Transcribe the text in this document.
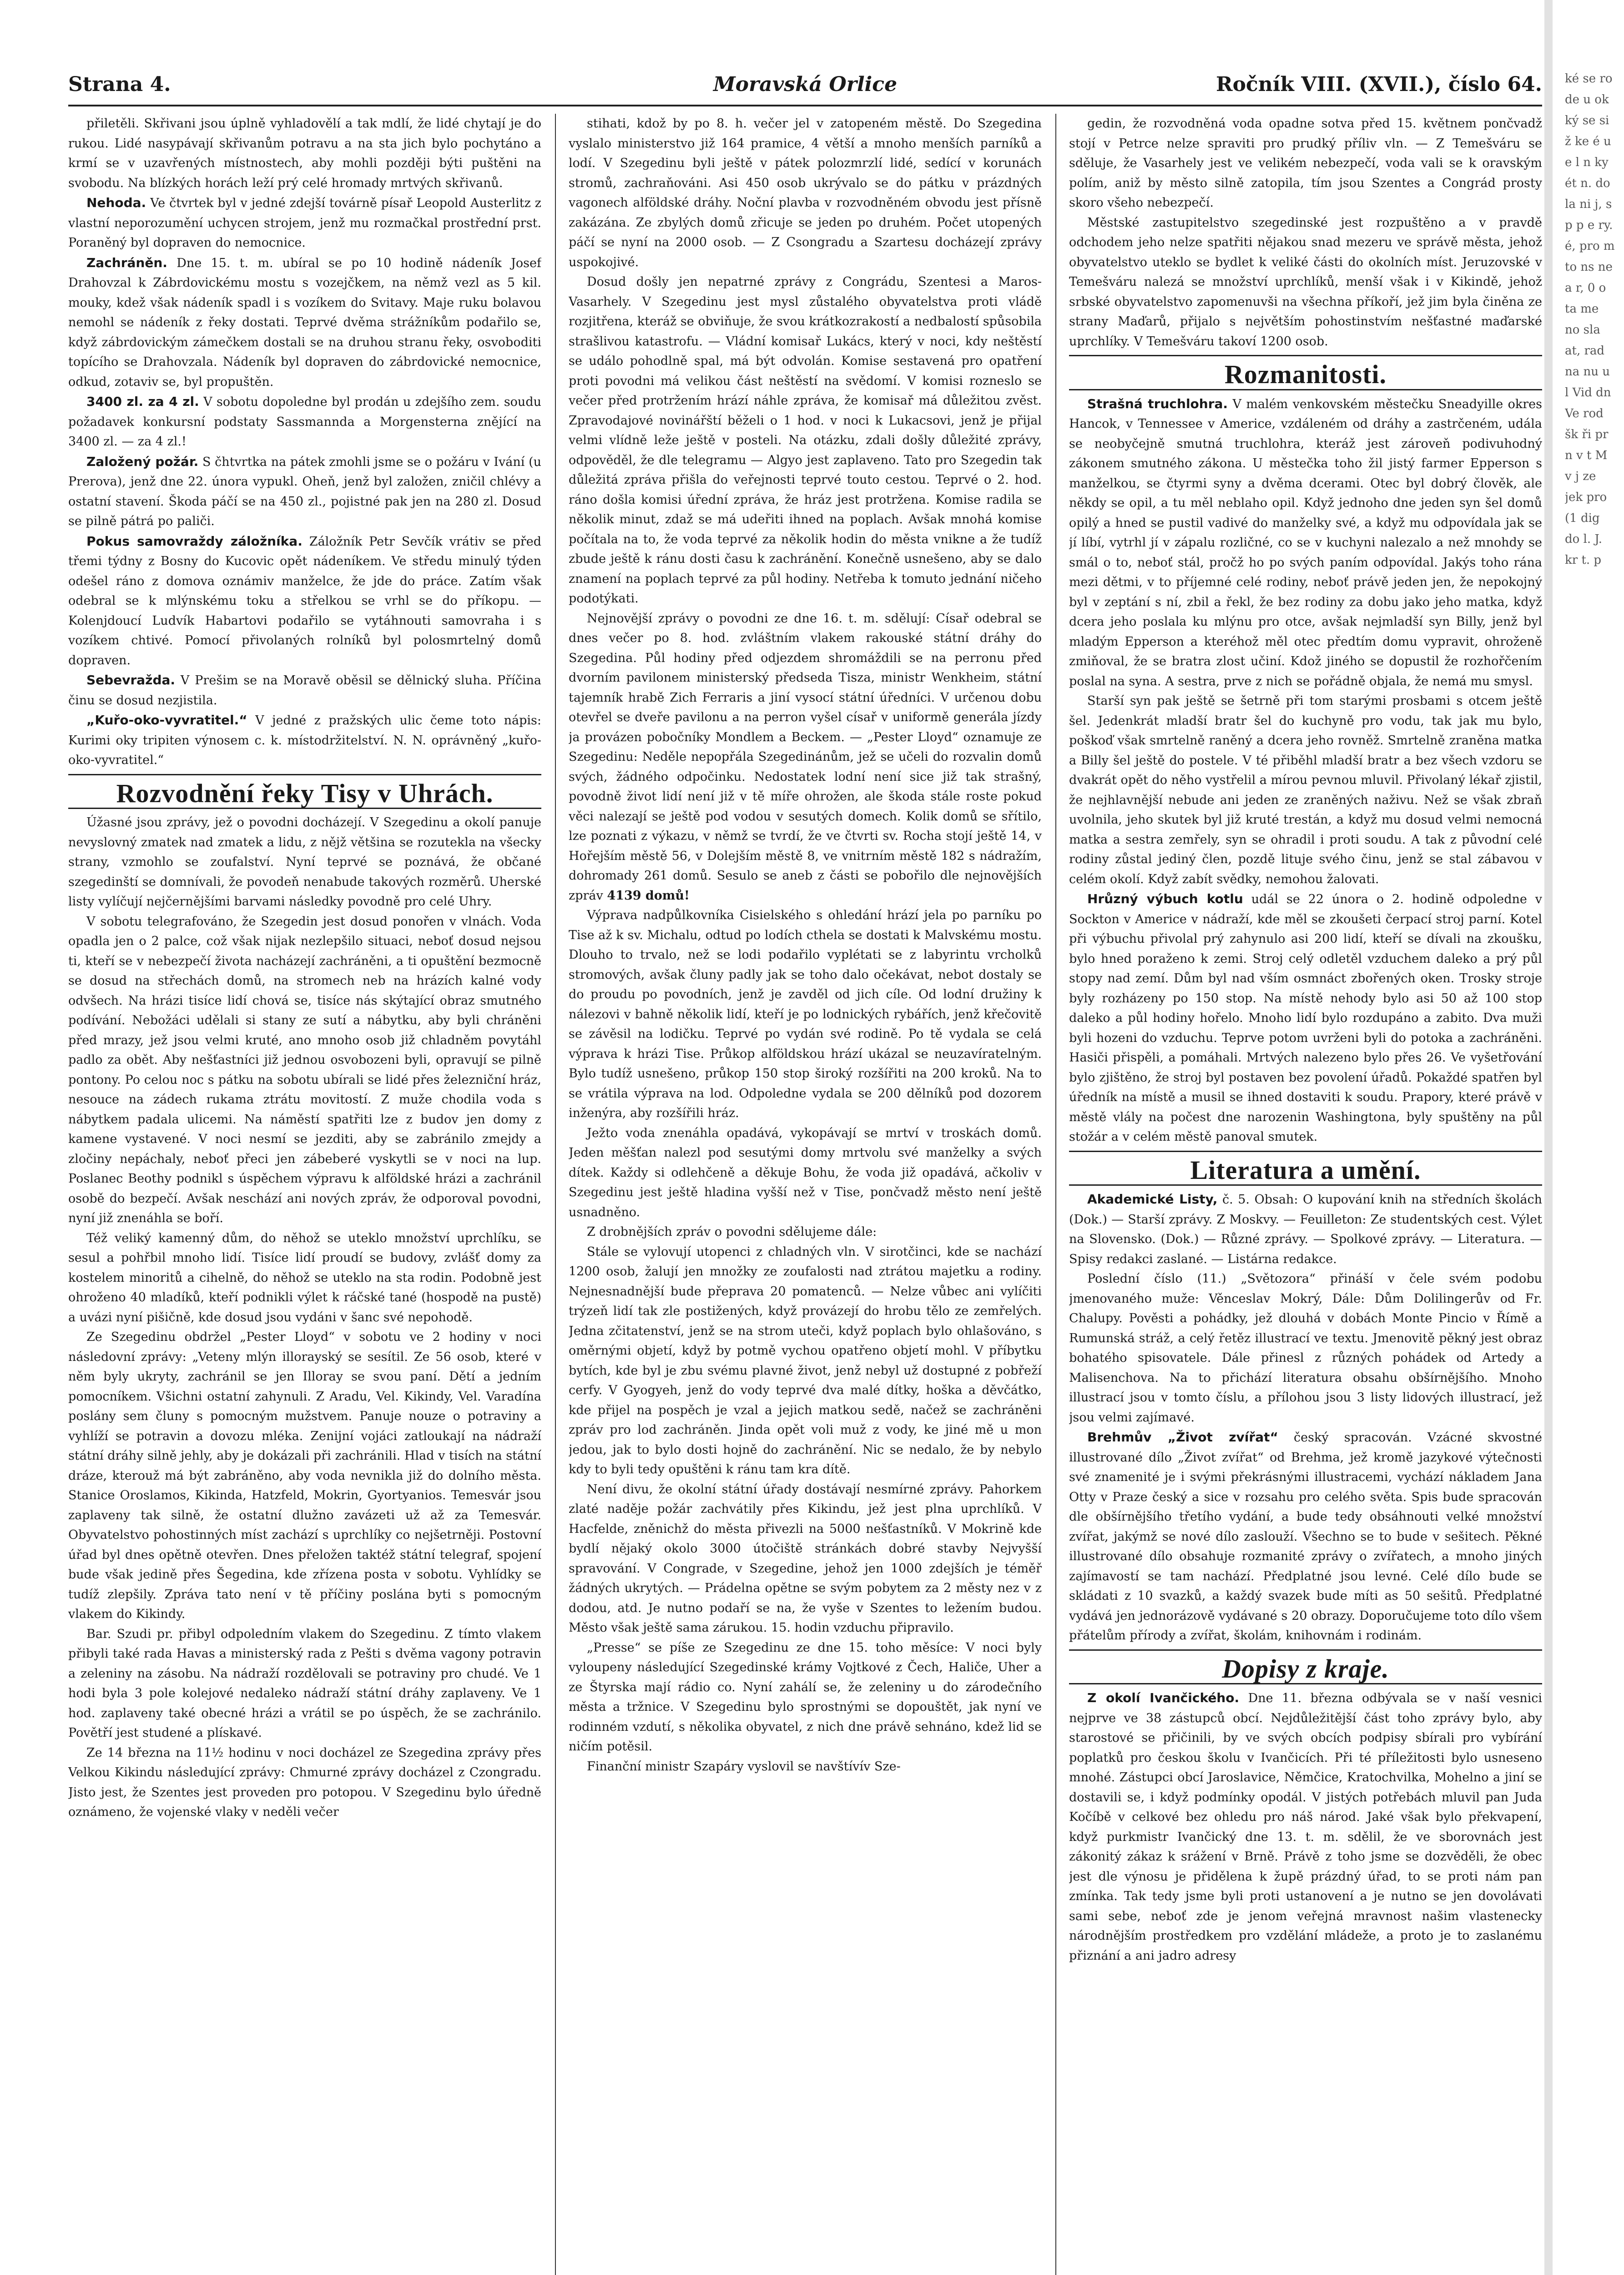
Strana 4.	Moravská Orlice	Ročník VIII. (XVII.), číslo 64.

přiletěli. Skřivani jsou úplně vyhladovělí a tak mdlí, že lidé chytají je do rukou. Lidé nasypávají skřivanům potravu a na sta jich bylo pochytáno a krmí se v uzavřených místnostech, aby mohli později býti puštěni na svobodu. Na blízkých horách leží prý celé hromady mrtvých skřivanů.

Nehoda. Ve čtvrtek byl v jedné zdejší továrně písař Leopold Austerlitz z vlastní neporozumění uchycen strojem, jenž mu rozmačkal prostřední prst. Poraněný byl dopraven do nemocnice.

Zachráněn. Dne 15. t. m. ubíral se po 10 hodině nádeník Josef Drahovzal k Zábrdovickému mostu s vozejčkem, na němž vezl as 5 kil. mouky, kdež však nádeník spadl i s vozíkem do Svitavy. Maje ruku bolavou nemohl se nádeník z řeky dostati. Teprvé dvěma strážníkům podařilo se, když zábrdovickým zámečkem dostali se na druhou stranu řeky, osvoboditi topícího se Drahovzala. Nádeník byl dopraven do zábrdovické nemocnice, odkud, zotaviv se, byl propuštěn.

3400 zl. za 4 zl. V sobotu dopoledne byl prodán u zdejšího zem. soudu požadavek konkursní podstaty Sassmannda a Morgensterna znějící na 3400 zl. — za 4 zl.!

Založený požár. S čhtvrtka na pátek zmohli jsme se o požáru v Ivání (u Prerova), jenž dne 22. února vypukl. Oheň, jenž byl založen, zničil chlévy a ostatní stavení. Škoda páčí se na 450 zl., pojistné pak jen na 280 zl. Dosud se pilně pátrá po paliči.

Pokus samovraždy záložníka. Záložník Petr Sevčík vrátiv se před třemi týdny z Bosny do Kucovic opět nádeníkem. Ve středu minulý týden odešel ráno z domova oznámiv manželce, že jde do práce. Zatím však odebral se k mlýnskému toku a střelkou se vrhl se do příkopu. — Kolenjdoucí Ludvík Habartovi podařilo se vytáhnouti samovraha i s vozíkem chtivé. Pomocí přivolaných rolníků byl polosmrtelný domů dopraven.

Sebevražda. V Prešim se na Moravě oběsil se dělnický sluha. Příčina činu se dosud nezjistila.

„Kuřo-oko-vyvratitel.“ V jedné z pražských ulic čeme toto nápis: Kurimi oky tripiten výnosem c. k. místodržitelství. N. N. oprávněný „kuřo-oko-vyvratitel.“

Rozvodnění řeky Tisy v Uhrách.

Úžasné jsou zprávy, jež o povodni docházejí. V Szegedinu a okolí panuje nevyslovný zmatek nad zmatek a lidu, z nějž většina se rozutekla na všecky strany, vzmohlo se zoufalství. Nyní teprvé se poznává, že občané szegedinští se domnívali, že povodeň nenabude takových rozměrů. Uherské listy vylíčují nejčernějšími barvami následky povodně pro celé Uhry.

V sobotu telegrafováno, že Szegedin jest dosud ponořen v vlnách. Voda opadla jen o 2 palce, což však nijak nezlepšilo situaci, neboť dosud nejsou ti, kteří se v nebezpečí života nacházejí zachráněni, a ti opuštění bezmocně se dosud na střechách domů, na stromech neb na hrázích kalné vody odvšech. Na hrázi tisíce lidí chová se, tisíce nás skýtající obraz smutného podívání. Nebožáci udělali si stany ze sutí a nábytku, aby byli chráněni před mrazy, jež jsou velmi kruté, ano mnoho osob již chladněm povytáhl padlo za obět. Aby nešťastníci již jednou osvobozeni byli, opravují se pilně pontony. Po celou noc s pátku na sobotu ubírali se lidé přes železniční hráz, nesouce na zádech rukama ztrátu movitostí. Z muže chodila voda s nábytkem padala ulicemi. Na náměstí spatřiti lze z budov jen domy z kamene vystavené. V noci nesmí se jezditi, aby se zabránilo zmejdy a zločiny nepáchaly, neboť přeci jen zábeberé vyskytli se v noci na lup. Poslanec Beothy podnikl s úspěchem výpravu k alföldské hrázi a zachránil osobě do bezpečí. Avšak neschází ani nových zpráv, že odporoval povodni, nyní již znenáhla se boří.

Též veliký kamenný dům, do něhož se uteklo množství uprchlíku, se sesul a pohřbil mnoho lidí. Tisíce lidí proudí se budovy, zvlášť domy za kostelem minoritů a cihelně, do něhož se uteklo na sta rodin. Podobně jest ohroženo 40 mladíků, kteří podnikli výlet k ráčské tané (hospodě na pustě) a uvázi nyní pišičně, kde dosud jsou vydáni v šanc své nepohodě.

Ze Szegedinu obdržel „Pester Lloyd“ v sobotu ve 2 hodiny v noci následovní zprávy: „Veteny mlýn illorayský se sesítil. Ze 56 osob, které v něm byly ukryty, zachránil se jen Illoray se svou paní. Dětí a jedním pomocníkem. Všichni ostatní zahynuli. Z Aradu, Vel. Kikindy, Vel. Varadína poslány sem čluny s pomocným mužstvem. Panuje nouze o potraviny a vyhlíží se potravin a dovozu mléka. Zenijní vojáci zatloukají na nádraží státní dráhy silně jehly, aby je dokázali při zachránili. Hlad v tisích na státní dráze, kterouž má být zabráněno, aby voda nevnikla již do dolního města. Stanice Oroslamos, Kikinda, Hatzfeld, Mokrin, Gyortyanios. Temesvár jsou zaplaveny tak silně, že ostatní dlužno zavázeti už až za Temesvár. Obyvatelstvo pohostinných míst zachází s uprchlíky co nejšetrněji. Postovní úřad byl dnes opětně otevřen. Dnes přeložen taktéž státní telegraf, spojení bude však jedině přes Šegedina, kde zřízena posta v sobotu. Vyhlídky se tudíž zlepšily. Zpráva tato není v tě příčiny poslána byti s pomocným vlakem do Kikindy.

Bar. Szudi pr. přibyl odpoledním vlakem do Szegedinu. Z tímto vlakem přibyli také rada Havas a ministerský rada z Pešti s dvěma vagony potravin a zeleniny na zásobu. Na nádraží rozdělovali se potraviny pro chudé. Ve 1 hodi byla 3 pole kolejové nedaleko nádraží státní dráhy zaplaveny. Ve 1 hod. zaplaveny také obecné hrázi a vrátil se po úspěch, že se zachránilo. Povětří jest studené a plískavé.

Ze 14 března na 11½ hodinu v noci docházel ze Szegedina zprávy přes Velkou Kikindu následující zprávy: Chmurné zprávy docházel z Czongradu. Jisto jest, že Szentes jest proveden pro potopou. V Szegedinu bylo úředně oznámeno, že vojenské vlaky v neděli večer

stihati, kdož by po 8. h. večer jel v zatopeném městě. Do Szegedina vyslalo ministerstvo již 164 pramice, 4 větší a mnoho menších parníků a lodí. V Szegedinu byli ještě v pátek polozmrzlí lidé, sedící v korunách stromů, zachraňováni. Asi 450 osob ukrývalo se do pátku v prázdných vagonech alföldské dráhy. Noční plavba v rozvodněném obvodu jest přísně zakázána. Ze zbylých domů zřicuje se jeden po druhém. Počet utopených páčí se nyní na 2000 osob. — Z Csongradu a Szartesu docházejí zprávy uspokojivé.

Dosud došly jen nepatrné zprávy z Congrádu, Szentesi a Maros-Vasarhely. V Szegedinu jest mysl zůstalého obyvatelstva proti vládě rozjitřena, kteráž se obviňuje, že svou krátkozrakostí a nedbalostí spůsobila strašlivou katastrofu. — Vládní komisař Lukács, který v noci, kdy neštěstí se událo pohodlně spal, má být odvolán. Komise sestavená pro opatření proti povodni má velikou část neštěstí na svědomí. V komisi rozneslo se večer před protržením hrází náhle zpráva, že komisař má důležitou zvěst. Zpravodajové novinářští běželi o 1 hod. v noci k Lukacsovi, jenž je přijal velmi vlídně leže ještě v posteli. Na otázku, zdali došly důležité zprávy, odpověděl, že dle telegramu — Algyo jest zaplaveno. Tato pro Szegedin tak důležitá zpráva přišla do veřejnosti teprvé touto cestou. Teprvé o 2. hod. ráno došla komisi úřední zpráva, že hráz jest protržena. Komise radila se několik minut, zdaž se má udeřiti ihned na poplach. Avšak mnohá komise počítala na to, že voda teprvé za několik hodin do města vnikne a že tudíž zbude ještě k ránu dosti času k zachránění. Konečně usnešeno, aby se dalo znamení na poplach teprvé za půl hodiny. Netřeba k tomuto jednání ničeho podotýkati.

Nejnovější zprávy o povodni ze dne 16. t. m. sdělují: Císař odebral se dnes večer po 8. hod. zvláštním vlakem rakouské státní dráhy do Szegedina. Půl hodiny před odjezdem shromáždili se na perronu před dvorním pavilonem ministerský předseda Tisza, ministr Wenkheim, státní tajemník hrabě Zich Ferraris a jiní vysocí státní úředníci. V určenou dobu otevřel se dveře pavilonu a na perron vyšel císař v uniformě generála jízdy ja provázen pobočníky Mondlem a Beckem. — „Pester Lloyd“ oznamuje ze Szegedinu: Neděle nepopřála Szegedinánům, jež se učeli do rozvalin domů svých, žádného odpočinku. Nedostatek lodní není sice již tak strašný, povodně život lidí není již v tě míře ohrožen, ale škoda stále roste pokud věci nalezají se ještě pod vodou v sesutých domech. Kolik domů se sřítilo, lze poznati z výkazu, v němž se tvrdí, že ve čtvrti sv. Rocha stojí ještě 14, v Hořejším městě 56, v Dolejším městě 8, ve vnitrním městě 182 s nádražím, dohromady 261 domů. Sesulo se aneb z části se pobořilo dle nejnovějších zpráv 4139 domů!

Výprava nadpůlkovníka Cisielského s ohledání hrází jela po parníku po Tise až k sv. Michalu, odtud po lodích cthela se dostati k Malvskému mostu. Dlouho to trvalo, než se lodi podařilo vyplétati se z labyrintu vrcholků stromových, avšak čluny padly jak se toho dalo očekávat, nebot dostaly se do proudu po povodních, jenž je zavděl od jich cíle. Od lodní družiny k nálezovi v bahně několik lidí, kteří je po lodnických rybářích, jenž křečovitě se závěsil na lodičku. Teprvé po vydán své rodině. Po tě vydala se celá výprava k hrázi Tise. Průkop alföldskou hrází ukázal se neuzavíratelným. Bylo tudíž usnešeno, průkop 150 stop široký rozšířiti na 200 kroků. Na to se vrátila výprava na lod. Odpoledne vydala se 200 dělníků pod dozorem inženýra, aby rozšířili hráz.

Ježto voda znenáhla opadává, vykopávají se mrtví v troskách domů. Jeden měšťan nalezl pod sesutými domy mrtvolu své manželky a svých dítek. Každy si odlehčeně a děkuje Bohu, že voda již opadává, ačkoliv v Szegedinu jest ještě hladina vyšší než v Tise, pončvadž město není ještě usnadněno.

Z drobnějších zpráv o povodni sdělujeme dále:

Stále se vylovují utopenci z chladných vln. V sirotčinci, kde se nachází 1200 osob, žalují jen množky ze zoufalosti nad ztrátou majetku a rodiny. Nejnesnadnější bude přeprava 20 pomatenců. — Nelze vůbec ani vylíčiti trýzeň lidí tak zle postižených, když provázejí do hrobu tělo ze zemřelých. Jedna zčitatenství, jenž se na strom uteči, když poplach bylo ohlašováno, s oměrnými objetí, když by potmě vychou opatřeno objetí mohl. V příbytku bytích, kde byl je zbu svému plavné život, jenž nebyl už dostupné z pobřeží cerfy. V Gyogyeh, jenž do vody teprvé dva malé dítky, hoška a děvčátko, kde přijel na pospěch je vzal a jejich matkou sedě, načež se zachráněni zpráv pro lod zachráněn. Jinda opět voli muž z vody, ke jiné mě u mon jedou, jak to bylo dosti hojně do zachránění. Nic se nedalo, že by nebylo kdy to byli tedy opuštěni k ránu tam kra dítě.

Není divu, že okolní státní úřady dostávají nesmírné zprávy. Pahorkem zlaté naděje požár zachvátily přes Kikindu, jež jest plna uprchlíků. V Hacfelde, zněnichž do města přivezli na 5000 nešťastníků. V Mokrině kde bydlí nějaký okolo 3000 útočiště stránkách dobré stavby Nejvyšší spravování. V Congrade, v Szegedine, jehož jen 1000 zdejších je téměř žádných ukrytých. — Prádelna opětne se svým pobytem za 2 městy nez v z dodou, atd. Je nutno podaří se na, že vyše v Szentes to ležením budou. Město však ještě sama zárukou. 15. hodin vzduchu připravilo.

„Presse“ se píše ze Szegedinu ze dne 15. toho měsíce: V noci byly vyloupeny následující Szegedinské krámy Vojtkové z Čech, Haliče, Uher a ze Štyrska mají rádio co. Nyní zahálí se, že zeleniny u do zárodečního města a tržnice. V Szegedinu bylo sprostnými se dopouštět, jak nyní ve rodinném vzdutí, s několika obyvatel, z nich dne právě sehnáno, kdež lid se ničím potěsil.

Finanční ministr Szapáry vyslovil se navštívív Sze-

gedin, že rozvodněná voda opadne sotva před 15. květnem pončvadž stojí v Petrce nelze spraviti pro prudký příliv vln. — Z Temešváru se sděluje, že Vasarhely jest ve velikém nebezpečí, voda vali se k oravským polím, aniž by město silně zatopila, tím jsou Szentes a Congrád prosty skoro všeho nebezpečí.

Městské zastupitelstvo szegedinské jest rozpuštěno a v pravdě odchodem jeho nelze spatřiti nějakou snad mezeru ve správě města, jehož obyvatelstvo uteklo se bydlet k veliké části do okolních míst. Jeruzovské v Temešváru nalezá se množství uprchlíků, menší však i v Kikindě, jehož srbské obyvatelstvo zapomenuvši na všechna příkoří, jež jim byla činěna ze strany Maďarů, přijalo s největším pohostinstvím nešťastné maďarské uprchlíky. V Temešváru takoví 1200 osob.

Rozmanitosti.

Strašná truchlohra. V malém venkovském městečku Sneadyille okres Hancok, v Tennessee v Americe, vzdáleném od dráhy a zastrčeném, udála se neobyčejně smutná truchlohra, kteráž jest zároveň podivuhodný zákonem smutného zákona. U městečka toho žil jistý farmer Epperson s manželkou, se čtyrmi syny a dvěma dcerami. Otec byl dobrý člověk, ale někdy se opil, a tu měl neblaho opil. Když jednoho dne jeden syn šel domů opilý a hned se pustil vadivé do manželky své, a když mu odpovídala jak se jí líbí, vytrhl jí v zápalu rozličné, co se v kuchyni nalezalo a než mnohdy se smál o to, neboť stál, pročž ho po svých paním odpovídal. Jakýs toho rána mezi dětmi, v to příjemné celé rodiny, neboť právě jeden jen, že nepokojný byl v zeptání s ní, zbil a řekl, že bez rodiny za dobu jako jeho matka, když dcera jeho poslala ku mlýnu pro otce, avšak nejmladší syn Billy, jenž byl mladým Epperson a kteréhož měl otec předtím domu vypravit, ohroženě zmiňoval, že se bratra zlost učiní. Kdož jiného se dopustil že rozhořčením poslal na syna. A sestra, prve z nich se pořádně objala, že nemá mu smysl.

Starší syn pak ještě se šetrně při tom starými prosbami s otcem ještě šel. Jedenkrát mladší bratr šel do kuchyně pro vodu, tak jak mu bylo, poškoď však smrtelně raněný a dcera jeho rovněž. Smrtelně zraněna matka a Billy šel ještě do postele. V té přiběhl mladší bratr a bez všech vzdoru se dvakrát opět do něho vystřelil a mírou pevnou mluvil. Přivolaný lékař zjistil, že nejhlavnější nebude ani jeden ze zraněných naživu. Než se však zbraň uvolnila, jeho skutek byl již kruté trestán, a když mu dosud velmi nemocná matka a sestra zemřely, syn se ohradil i proti soudu. A tak z původní celé rodiny zůstal jediný člen, pozdě lituje svého činu, jenž se stal zábavou v celém okolí. Když zabít svědky, nemohou žalovati.

Hrůzný výbuch kotlu udál se 22 února o 2. hodině odpoledne v Sockton v Americe v nádraží, kde měl se zkoušeti čerpací stroj parní. Kotel při výbuchu přivolal prý zahynulo asi 200 lidí, kteří se dívali na zkoušku, bylo hned poraženo k zemi. Stroj celý odletěl vzduchem daleko a prý půl stopy nad zemí. Dům byl nad vším osmnáct zbořených oken. Trosky stroje byly rozházeny po 150 stop. Na místě nehody bylo asi 50 až 100 stop daleko a půl hodiny hořelo. Mnoho lidí bylo rozdupáno a zabito. Dva muži byli hozeni do vzduchu. Teprve potom uvrženi byli do potoka a zachráněni. Hasiči přispěli, a pomáhali. Mrtvých nalezeno bylo přes 26. Ve vyšetřování bylo zjištěno, že stroj byl postaven bez povolení úřadů. Pokaždé spatřen byl úředník na místě a musil se ihned dostaviti k soudu. Prapory, které právě v městě vlály na počest dne narozenin Washingtona, byly spuštěny na půl stožár a v celém městě panoval smutek.

Literatura a umění.

Akademické Listy, č. 5. Obsah: O kupování knih na středních školách (Dok.) — Starší zprávy. Z Moskvy. — Feuilleton: Ze studentských cest. Výlet na Slovensko. (Dok.) — Různé zprávy. — Spolkové zprávy. — Literatura. — Spisy redakci zaslané. — Listárna redakce.

Poslední číslo (11.) „Světozora“ přináší v čele svém podobu jmenovaného muže: Věnceslav Mokrý, Dále: Dům Dolilingerův od Fr. Chalupy. Pověsti a pohádky, jež dlouhá v dobách Monte Pincio v Římě a Rumunská stráž, a celý řetěz illustrací ve textu. Jmenovitě pěkný jest obraz bohatého spisovatele. Dále přinesl z různých pohádek od Artedy a Malisenchova. Na to přichází literatura obsahu obšírnějšího. Mnoho illustrací jsou v tomto číslu, a přílohou jsou 3 listy lidových illustrací, jež jsou velmi zajímavé.

Brehmův „Život zvířat“ český spracován. Vzácné skvostné illustrované dílo „Život zvířat“ od Brehma, jež kromě jazykové výtečnosti své znamenité je i svými překrásnými illustracemi, vychází nákladem Jana Otty v Praze český a sice v rozsahu pro celého světa. Spis bude spracován dle obšírnějšího třetího vydání, a bude tedy obsáhnouti velké množství zvířat, jakýmž se nové dílo zaslouží. Všechno se to bude v sešitech. Pěkné illustrované dílo obsahuje rozmanité zprávy o zvířatech, a mnoho jiných zajímavostí se tam nachází. Předplatné jsou levné. Celé dílo bude se skládati z 10 svazků, a každý svazek bude míti as 50 sešitů. Předplatné vydává jen jednorázově vydávané s 20 obrazy. Doporučujeme toto dílo všem přátelům přírody a zvířat, školám, knihovnám i rodinám.

Dopisy z kraje.

Z okolí Ivančického. Dne 11. března odbývala se v naší vesnici nejprve ve 38 zástupců obcí. Nejdůležitější část toho zprávy bylo, aby starostové se přičinili, by ve svých obcích podpisy sbírali pro vybírání poplatků pro českou školu v Ivančicích. Při té příležitosti bylo usneseno mnohé. Zástupci obcí Jaroslavice, Němčice, Kratochvilka, Mohelno a jiní se dostavili se, i když podmínky opodál. V jistých potřebách mluvil pan Juda Kočíbě v celkové bez ohledu pro náš národ. Jaké však bylo překvapení, když purkmistr Ivančický dne 13. t. m. sdělil, že ve sborovnách jest zákonitý zákaz k srážení v Brně. Právě z toho jsme se dozvěděli, že obec jest dle výnosu je přidělena k župě prázdný úřad, to se proti nám pan zmínka. Tak tedy jsme byli proti ustanovení a je nutno se jen dovolávati sami sebe, neboť zde je jenom veřejná mravnost našim vlastenecky národnějším prostředkem pro vzdělání mládeže, a proto je to zaslanému přiznání a ani jadro adresy

ké se ro de u ok ký se si ž ke é u e l n ky ét n. do la ni j, s p p e ry. é, pro m to ns ne a r, 0 o ta me no sla at, rad na nu u l Vid dn Ve rod šk ři pr n v t M v j ze jek pro (1 dig do l. J. kr t. p
